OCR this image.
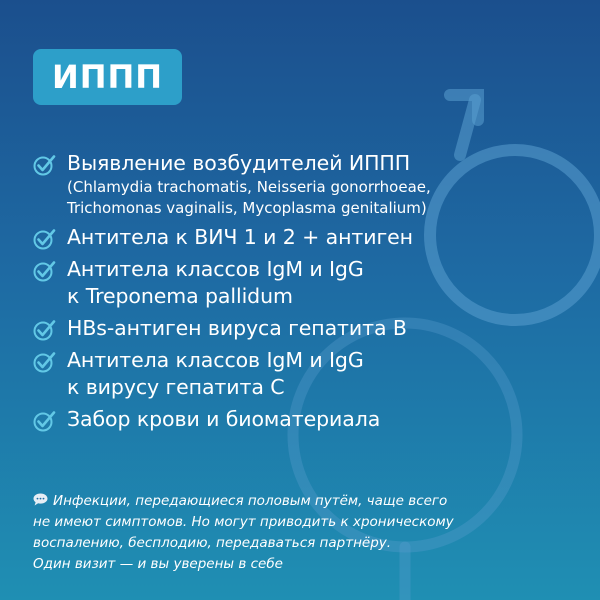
ИППП
Выявление возбудителей ИППП
(Chlamydia trachomatis, Neisseria gonorrhoeae,
Trichomonas vaginalis, Mycoplasma genitalium)
Антитела к ВИЧ 1 и 2 + антиген
Антитела классов IgM и IgG
к Treponema pallidum
HBs-антиген вируса гепатита В
Антитела классов IgM и IgG
к вирусу гепатита С
Забор крови и биоматериала
Инфекции, передающиеся половым путём, чаще всего
не имеют симптомов. Но могут приводить к хроническому
воспалению, бесплодию, передаваться партнёру.
Один визит — и вы уверены в себе
